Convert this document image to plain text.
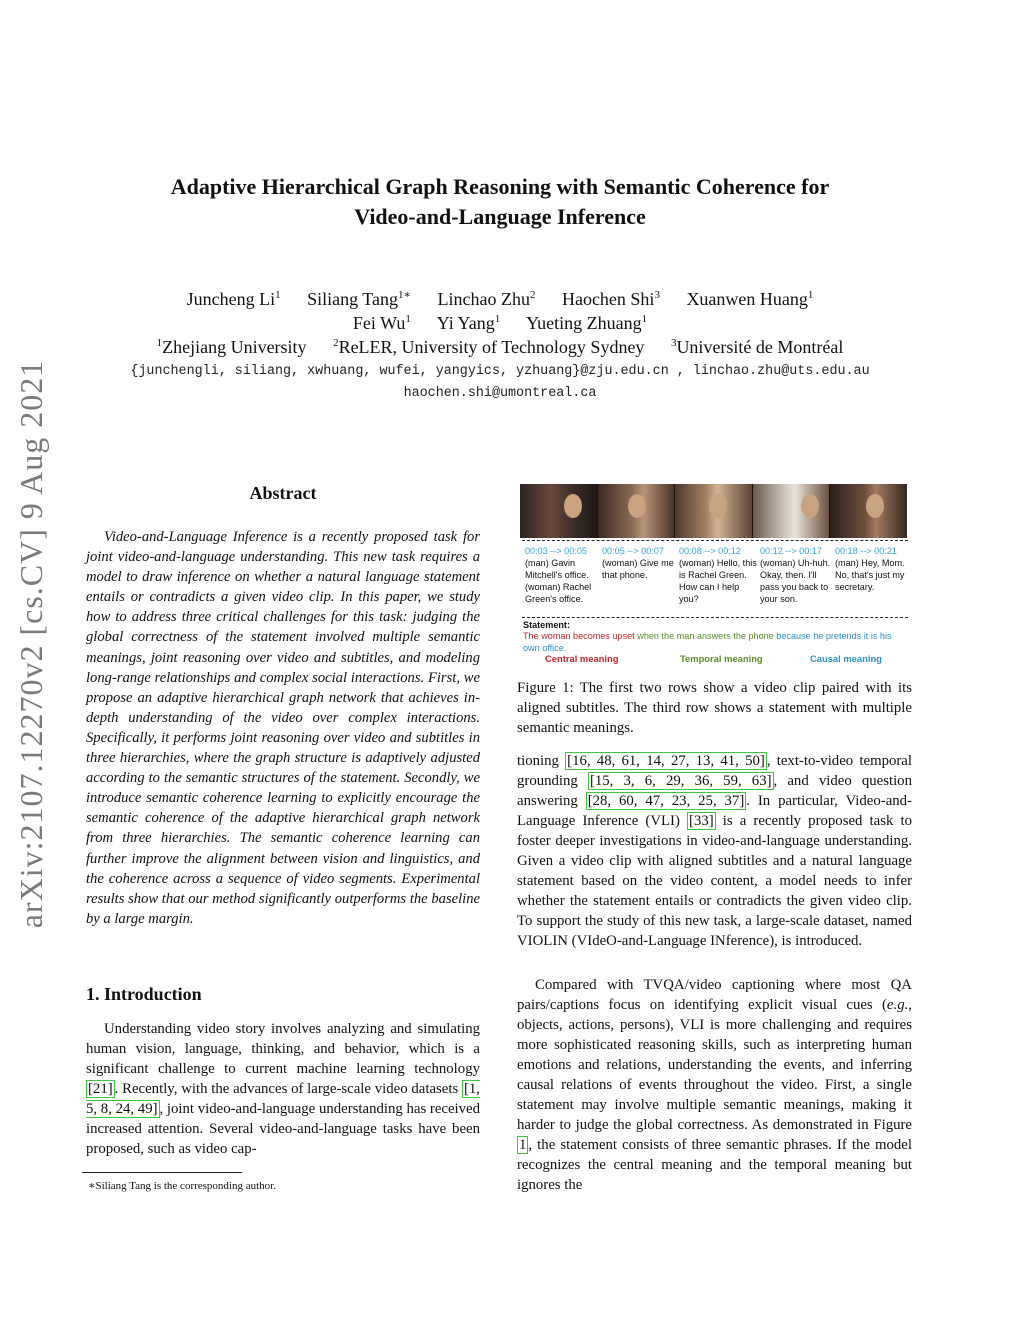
arXiv:2107.12270v2 [cs.CV] 9 Aug 2021
Adaptive Hierarchical Graph Reasoning with Semantic Coherence for
Video-and-Language Inference
Juncheng Li$^1$ Siliang Tang$^{1∗}$ Linchao Zhu$^2$ Haochen Shi$^3$ Xuanwen Huang$^1$
Fei Wu$^1$ Yi Yang$^1$ Yueting Zhuang$^1$
$^1$Zhejiang University $^2$ReLER, University of Technology Sydney $^3$Université de Montréal
{junchengli, siliang, xwhuang, wufei, yangyics, yzhuang}@zju.edu.cn , linchao.zhu@uts.edu.au
haochen.shi@umontreal.ca
Abstract
Video-and-Language Inference is a recently proposed task for joint video-and-language understanding. This new task requires a model to draw inference on whether a natural language statement entails or contradicts a given video clip. In this paper, we study how to address three critical challenges for this task: judging the global correctness of the statement involved multiple semantic meanings, joint reasoning over video and subtitles, and modeling long-range relationships and complex social interactions. First, we propose an adaptive hierarchical graph network that achieves in-depth understanding of the video over complex interactions. Specifically, it performs joint reasoning over video and subtitles in three hierarchies, where the graph structure is adaptively adjusted according to the semantic structures of the statement. Secondly, we introduce semantic coherence learning to explicitly encourage the semantic coherence of the adaptive hierarchical graph network from three hierarchies. The semantic coherence learning can further improve the alignment between vision and linguistics, and the coherence across a sequence of video segments. Experimental results show that our method significantly outperforms the baseline by a large margin.
1. Introduction
Understanding video story involves analyzing and simulating human vision, language, thinking, and behavior, which is a significant challenge to current machine learning technology [21] . Recently, with the advances of large-scale video datasets [1, 5, 8, 24, 49] , joint video-and-language understanding has received increased attention. Several video-and-language tasks have been proposed, such as video cap-
∗Siliang Tang is the corresponding author.
00:03 --> 00:05
(man) Gavin Mitchell's office. (woman) Rachel Green's office.
00:05 --> 00:07
(woman) Give me that phone.
00:08 --> 00:12
(woman) Hello, this is Rachel Green. How can I help you?
00:12 --> 00:17
(woman) Uh-huh. Okay, then. I'll pass you back to your son.
00:18 --> 00:21
(man) Hey, Mom. No, that's just my secretary.
Statement:
The woman becomes upset when the man answers the phone because he pretends it is his own office.
Central meaning	Temporal meaning	Causal meaning
Figure 1: The first two rows show a video clip paired with its aligned subtitles. The third row shows a statement with multiple semantic meanings.
tioning [16, 48, 61, 14, 27, 13, 41, 50] , text-to-video temporal grounding [15, 3, 6, 29, 36, 59, 63] , and video question answering [28, 60, 47, 23, 25, 37] . In particular, Video-and-Language Inference (VLI) [33] is a recently proposed task to foster deeper investigations in video-and-language understanding. Given a video clip with aligned subtitles and a natural language statement based on the video content, a model needs to infer whether the statement entails or contradicts the given video clip. To support the study of this new task, a large-scale dataset, named VIOLIN (VIdeO-and-Language INference), is introduced.
Compared with TVQA/video captioning where most QA pairs/captions focus on identifying explicit visual cues (e.g., objects, actions, persons), VLI is more challenging and requires more sophisticated reasoning skills, such as interpreting human emotions and relations, understanding the events, and inferring causal relations of events throughout the video. First, a single statement may involve multiple semantic meanings, making it harder to judge the global correctness. As demonstrated in Figure 1 , the statement consists of three semantic phrases. If the model recognizes the central meaning and the temporal meaning but ignores the
